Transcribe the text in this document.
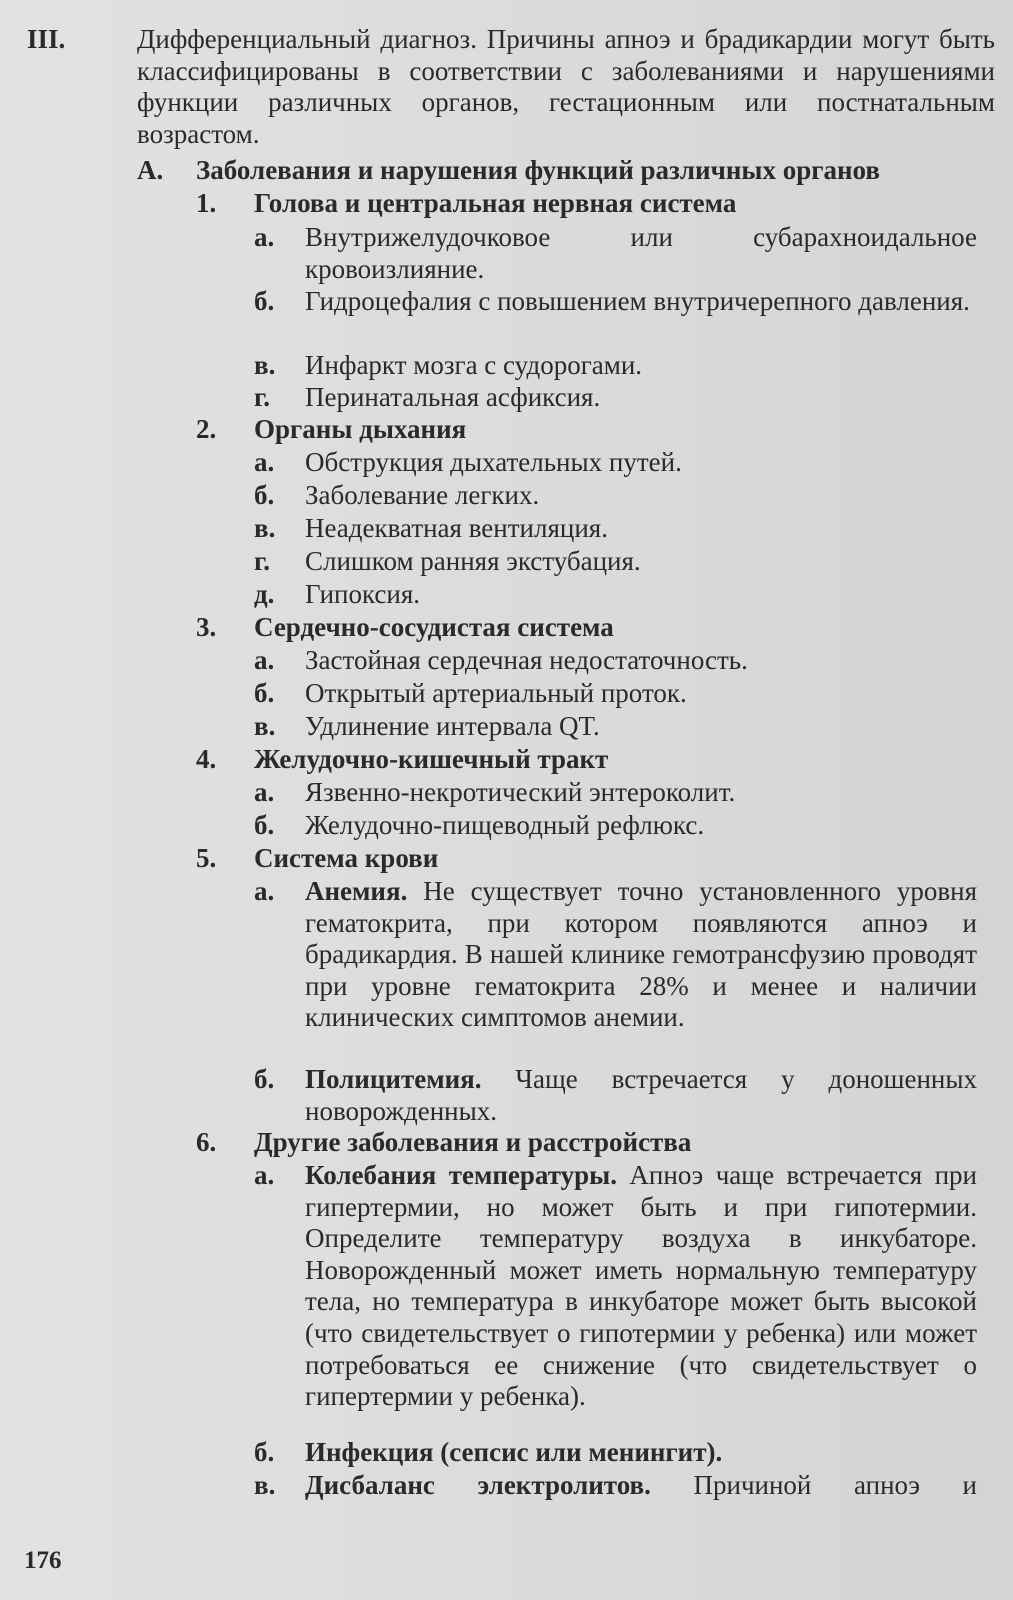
III.	Дифференциальный диагноз. Причины апноэ и брадикардии могут быть классифицированы в соответствии с заболеваниями и нарушениями функции различных органов, гестационным или постнатальным возрастом.
А. Заболевания и нарушения функций различных органов
1. Голова и центральная нервная система
а. Внутрижелудочковое или субарахноидальное кровоизлияние.
б. Гидроцефалия с повышением внутричерепного давления.
в. Инфаркт мозга с судорогами.
г. Перинатальная асфиксия.
2. Органы дыхания
а. Обструкция дыхательных путей.
б. Заболевание легких.
в. Неадекватная вентиляция.
г. Слишком ранняя экстубация.
д. Гипоксия.
3. Сердечно-сосудистая система
а. Застойная сердечная недостаточность.
б. Открытый артериальный проток.
в. Удлинение интервала QT.
4. Желудочно-кишечный тракт
а. Язвенно-некротический энтероколит.
б. Желудочно-пищеводный рефлюкс.
5. Система крови
а. Анемия. Не существует точно установленного уровня гематокрита, при котором появляются апноэ и брадикардия. В нашей клинике гемотрансфузию проводят при уровне гематокрита 28% и менее и наличии клинических симптомов анемии.
б. Полицитемия. Чаще встречается у доношенных новорожденных.
6. Другие заболевания и расстройства
а. Колебания температуры. Апноэ чаще встречается при гипертермии, но может быть и при гипотермии. Определите температуру воздуха в инкубаторе. Новорожденный может иметь нормальную температуру тела, но температура в инкубаторе может быть высокой (что свидетельствует о гипотермии у ребенка) или может потребоваться ее снижение (что свидетельствует о гипертермии у ребенка).
б. Инфекция (сепсис или менингит).
в. Дисбаланс электролитов. Причиной апноэ и
176
